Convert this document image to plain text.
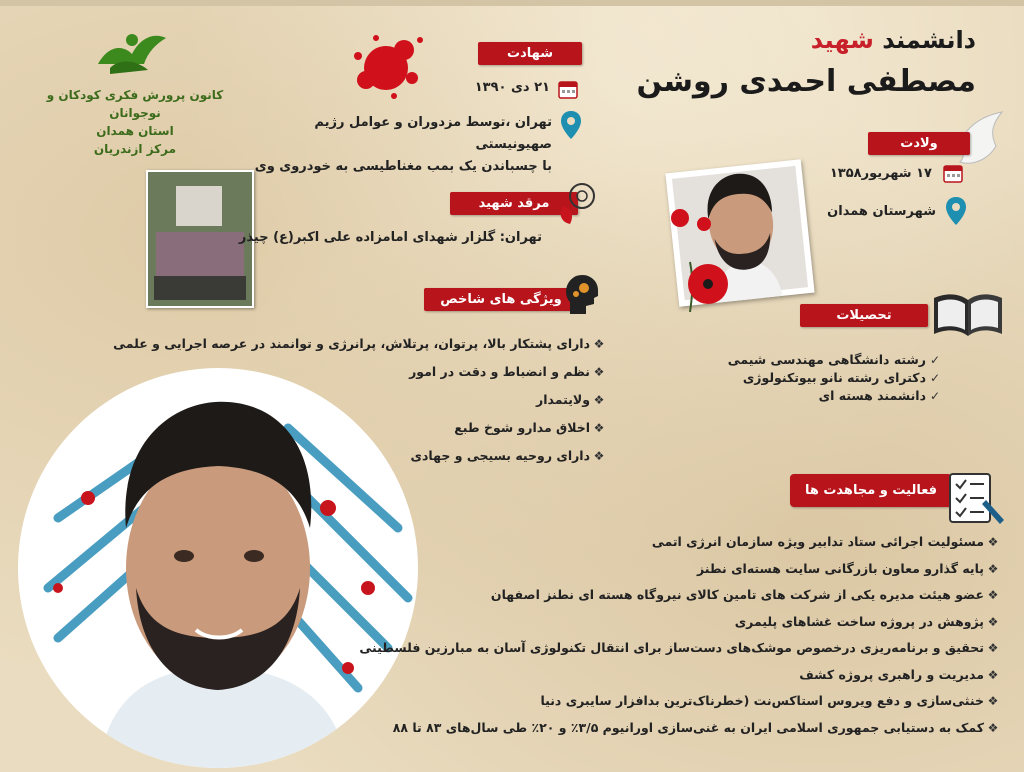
دانشمند شهید
مصطفی احمدی روشن
کانون پرورش فکری کودکان و نوجوانان
استان همدان
مرکز ازندریان
شهادت
۲۱ دی ۱۳۹۰
تهران ،توسط مزدوران و عوامل رژیم صهیونیستی
با چسباندن یک بمب مغناطیسی به خودروی وی
مرقد شهید
تهران: گلزار شهدای امامزاده علی اکبر(ع) چیذر
ویژگی های شاخص
❖دارای پشتکار بالا، پرتوان، پرتلاش، پرانرژی و توانمند در عرصه اجرایی و علمی
❖نظم و انضباط و دقت در امور
❖ولایتمدار
❖اخلاق مدارو شوخ طبع
❖دارای روحیه بسیجی و جهادی
ولادت
۱۷ شهریور۱۳۵۸
شهرستان همدان
تحصیلات
✓رشته دانشگاهی مهندسی شیمی
✓دکترای رشته نانو بیوتکنولوژی
✓دانشمند هسته ای
فعالیت و مجاهدت ها
❖مسئولیت اجرائی ستاد تدابیر ویژه سازمان انرژی اتمی
❖پایه گذارو معاون بازرگانی سایت هسته‌ای نطنز
❖عضو هیئت مدیره یکی از شرکت های تامین کالای نیروگاه هسته ای نطنز اصفهان
❖پژوهش در پروژه ساخت غشاهای پلیمری
❖تحقیق و برنامه‌ریزی درخصوص موشک‌های دست‌ساز برای انتقال تکنولوژی آسان به مبارزین فلسطینی
❖مدیریت و راهبری پروژه کشف
❖خنثی‌سازی و دفع ویروس استاکس‌نت (خطرناک‌ترین بدافزار سایبری دنیا
❖کمک به دستیابی جمهوری اسلامی ایران به غنی‌سازی اورانیوم ۳/۵٪ و ۲۰٪ طی سال‌های ۸۳ تا ۸۸
